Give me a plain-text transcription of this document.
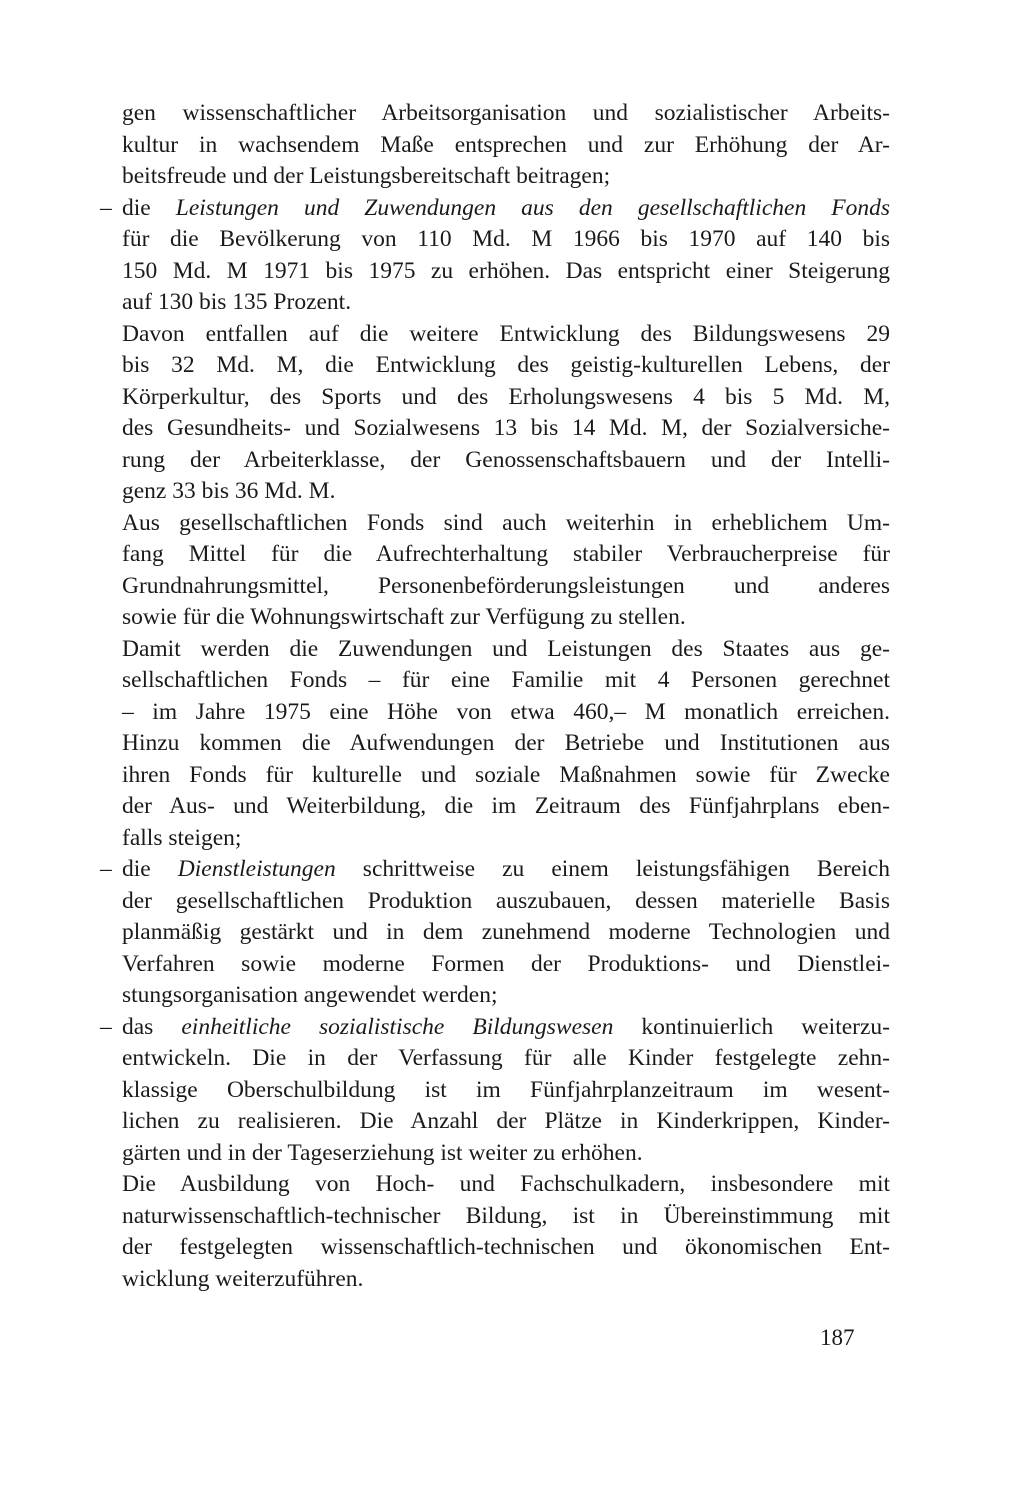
gen wissenschaftlicher Arbeitsorganisation und sozialistischer Arbeits-
kultur in wachsendem Maße entsprechen und zur Erhöhung der Ar-
beitsfreude und der Leistungsbereitschaft beitragen;

– die Leistungen und Zuwendungen aus den gesellschaftlichen Fonds
für die Bevölkerung von 110 Md. M 1966 bis 1970 auf 140 bis
150 Md. M 1971 bis 1975 zu erhöhen. Das entspricht einer Steigerung
auf 130 bis 135 Prozent.

Davon entfallen auf die weitere Entwicklung des Bildungswesens 29
bis 32 Md. M, die Entwicklung des geistig-kulturellen Lebens, der
Körperkultur, des Sports und des Erholungswesens 4 bis 5 Md. M,
des Gesundheits- und Sozialwesens 13 bis 14 Md. M, der Sozialversiche-
rung der Arbeiterklasse, der Genossenschaftsbauern und der Intelli-
genz 33 bis 36 Md. M.

Aus gesellschaftlichen Fonds sind auch weiterhin in erheblichem Um-
fang Mittel für die Aufrechterhaltung stabiler Verbraucherpreise für
Grundnahrungsmittel, Personenbeförderungsleistungen und anderes
sowie für die Wohnungswirtschaft zur Verfügung zu stellen.

Damit werden die Zuwendungen und Leistungen des Staates aus ge-
sellschaftlichen Fonds – für eine Familie mit 4 Personen gerechnet
– im Jahre 1975 eine Höhe von etwa 460,– M monatlich erreichen.
Hinzu kommen die Aufwendungen der Betriebe und Institutionen aus
ihren Fonds für kulturelle und soziale Maßnahmen sowie für Zwecke
der Aus- und Weiterbildung, die im Zeitraum des Fünfjahrplans eben-
falls steigen;

– die Dienstleistungen schrittweise zu einem leistungsfähigen Bereich
der gesellschaftlichen Produktion auszubauen, dessen materielle Basis
planmäßig gestärkt und in dem zunehmend moderne Technologien und
Verfahren sowie moderne Formen der Produktions- und Dienstlei-
stungsorganisation angewendet werden;
– das einheitliche sozialistische Bildungswesen kontinuierlich weiterzu-
entwickeln. Die in der Verfassung für alle Kinder festgelegte zehn-
klassige Oberschulbildung ist im Fünfjahrplanzeitraum im wesent-
lichen zu realisieren. Die Anzahl der Plätze in Kinderkrippen, Kinder-
gärten und in der Tageserziehung ist weiter zu erhöhen.

Die Ausbildung von Hoch- und Fachschulkadern, insbesondere mit
naturwissenschaftlich-technischer Bildung, ist in Übereinstimmung mit
der festgelegten wissenschaftlich-technischen und ökonomischen Ent-
wicklung weiterzuführen.

187
